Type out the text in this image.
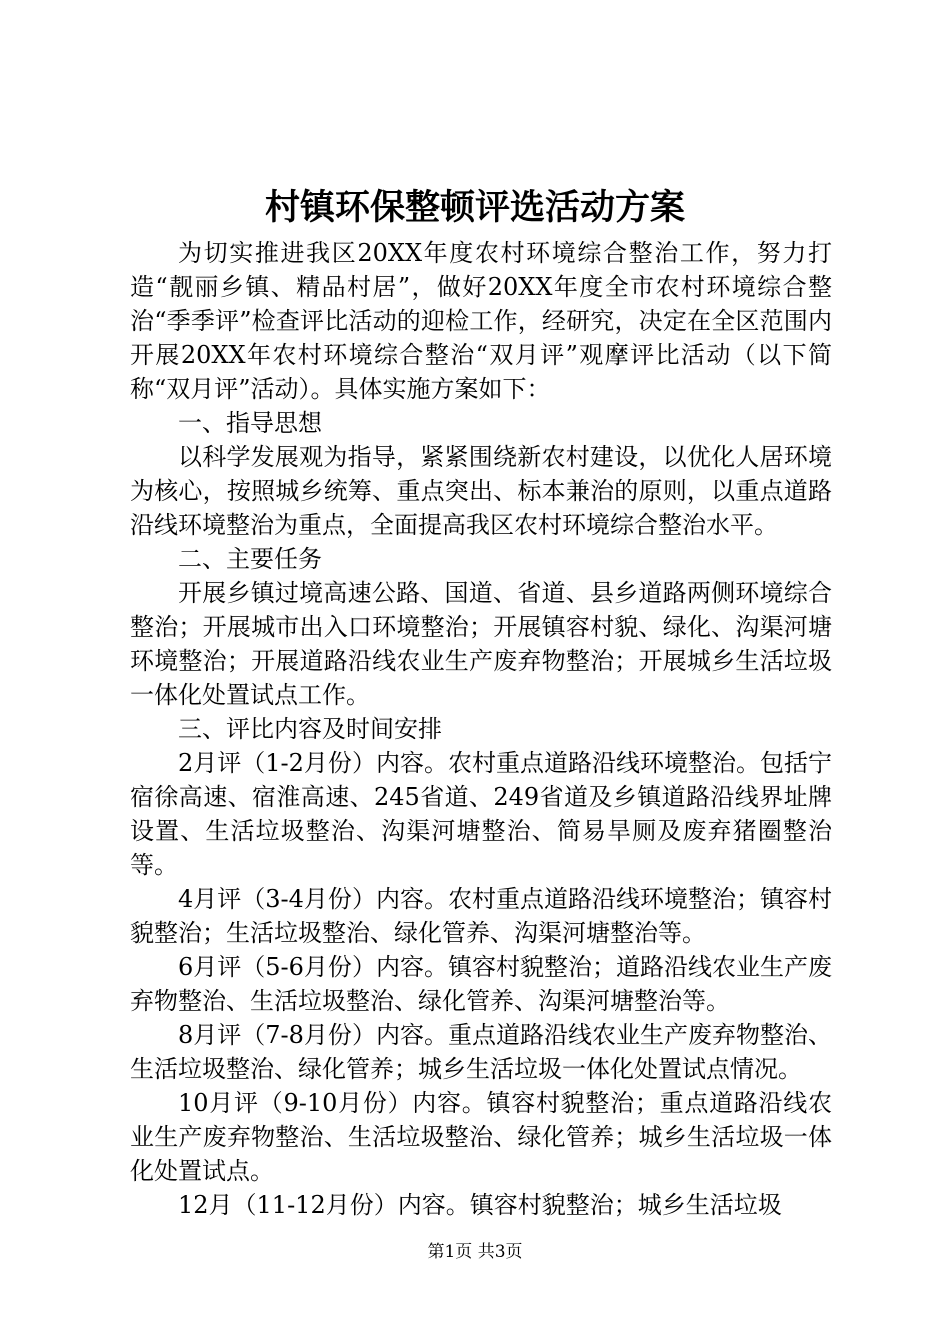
村镇环保整顿评选活动方案

为切实推进我区20XX年度农村环境综合整治工作，努力打造“靓丽乡镇、精品村居”，做好20XX年度全市农村环境综合整治“季季评”检查评比活动的迎检工作，经研究，决定在全区范围内开展20XX年农村环境综合整治“双月评”观摩评比活动（以下简称“双月评”活动）。具体实施方案如下：

一、指导思想

以科学发展观为指导，紧紧围绕新农村建设，以优化人居环境为核心，按照城乡统筹、重点突出、标本兼治的原则，以重点道路沿线环境整治为重点，全面提高我区农村环境综合整治水平。

二、主要任务

开展乡镇过境高速公路、国道、省道、县乡道路两侧环境综合整治；开展城市出入口环境整治；开展镇容村貌、绿化、沟渠河塘环境整治；开展道路沿线农业生产废弃物整治；开展城乡生活垃圾一体化处置试点工作。

三、评比内容及时间安排

2月评（1-2月份）内容。农村重点道路沿线环境整治。包括宁宿徐高速、宿淮高速、245省道、249省道及乡镇道路沿线界址牌设置、生活垃圾整治、沟渠河塘整治、简易旱厕及废弃猪圈整治等。

4月评（3-4月份）内容。农村重点道路沿线环境整治；镇容村貌整治；生活垃圾整治、绿化管养、沟渠河塘整治等。

6月评（5-6月份）内容。镇容村貌整治；道路沿线农业生产废弃物整治、生活垃圾整治、绿化管养、沟渠河塘整治等。

8月评（7-8月份）内容。重点道路沿线农业生产废弃物整治、生活垃圾整治、绿化管养；城乡生活垃圾一体化处置试点情况。

10月评（9-10月份）内容。镇容村貌整治；重点道路沿线农业生产废弃物整治、生活垃圾整治、绿化管养；城乡生活垃圾一体化处置试点。

12月（11-12月份）内容。镇容村貌整治；城乡生活垃圾

第1页 共3页
